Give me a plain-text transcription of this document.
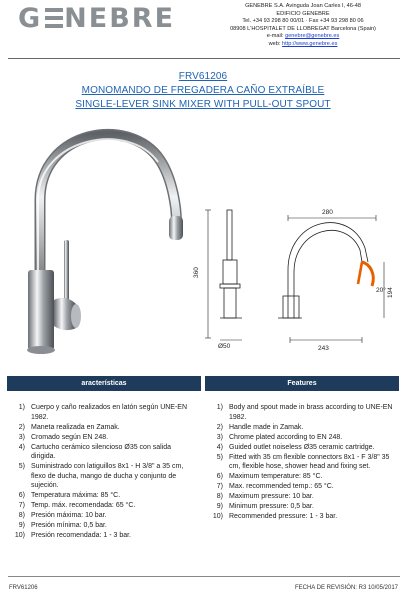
G NEBRE	GENEBRE S.A. Avinguda Joan Carles I, 46-48
EDIFICIO GENEBRE
Tel. +34 93 298 80 00/01 · Fax +34 93 298 80 06
08908 L'HOSPITALET DE LLOBREGAT Barcelona (Spain)
e-mail: genebre@genebre.es
web: http://www.genebre.es
FRV61206
MONOMANDO DE FREGADERA CAÑO EXTRAÍBLE
SINGLE-LEVER SINK MIXER WITH PULL-OUT SPOUT
360
Ø50
280
243
194
20°
aracterísticas
1) Cuerpo y caño realizados en latón según UNE-EN 1982.
2) Maneta realizada en Zamak.
3) Cromado según EN 248.
4) Cartucho cerámico silencioso Ø35 con salida dirigida.
5) Suministrado con latiguillos 8x1 - H 3/8" a 35 cm, flexo de ducha, mango de ducha y conjunto de sujeción.
6) Temperatura máxima: 85 °C.
7) Temp. máx. recomendada: 65 °C.
8) Presión máxima: 10 bar.
9) Presión mínima: 0,5 bar.
10) Presión recomendada: 1 - 3 bar.
Features
1) Body and spout made in brass according to UNE-EN 1982.
2) Handle made in Zamak.
3) Chrome plated according to EN 248.
4) Guided outlet noiseless Ø35 ceramic cartridge.
5) Fitted with 35 cm flexible connectors 8x1 - F 3/8" 35 cm, flexible hose, shower head and fixing set.
6) Maximum temperature: 85 °C.
7) Max. recommended temp.: 65 °C.
8) Maximum pressure: 10 bar.
9) Minimum pressure: 0,5 bar.
10) Recommended pressure: 1 - 3 bar.
FRV61206	FECHA DE REVISIÓN: R3 10/05/2017
